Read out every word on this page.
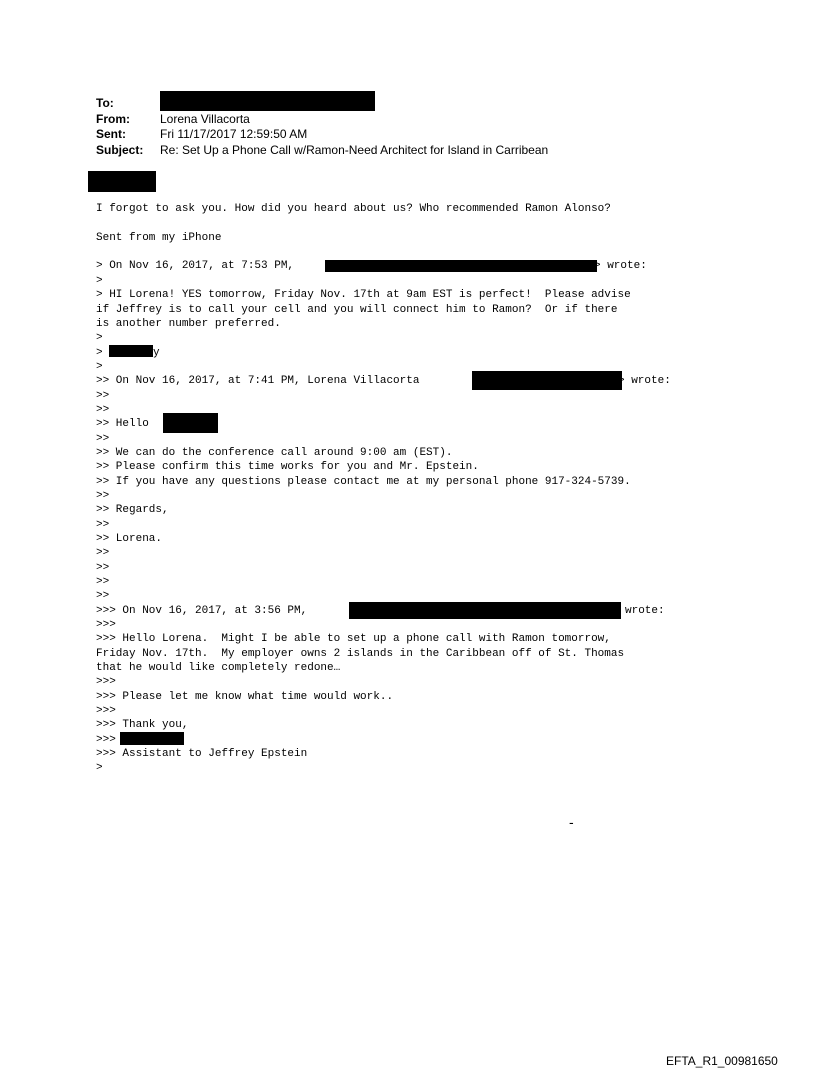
To:
From:	Lorena Villacorta
Sent:	Fri 11/17/2017 12:59:50 AM
Subject: Re: Set Up a Phone Call w/Ramon-Need Architect for Island in Carribean
I forgot to ask you. How did you heard about us? Who recommended Ramon Alonso?
Sent from my iPhone
> On Nov 16, 2017, at 7:53 PM,	> wrote:
>
> HI Lorena! YES tomorrow, Friday Nov. 17th at 9am EST is perfect!  Please advise
if Jeffrey is to call your cell and you will connect him to Ramon?  Or if there
is another number preferred.
>
>	y
>
>> On Nov 16, 2017, at 7:41 PM, Lorena Villacorta	> wrote:
>>
>>
>> Hello
>>
>> We can do the conference call around 9:00 am (EST).
>> Please confirm this time works for you and Mr. Epstein.
>> If you have any questions please contact me at my personal phone 917-324-5739.
>>
>> Regards,
>>
>> Lorena.
>>
>>
>>
>>
>>> On Nov 16, 2017, at 3:56 PM,	wrote:
>>>
>>> Hello Lorena.  Might I be able to set up a phone call with Ramon tomorrow,
Friday Nov. 17th.  My employer owns 2 islands in the Caribbean off of St. Thomas
that he would like completely redone…
>>>
>>> Please let me know what time would work..
>>>
>>> Thank you,
>>>
>>> Assistant to Jeffrey Epstein
>
-
EFTA_R1_00981650
